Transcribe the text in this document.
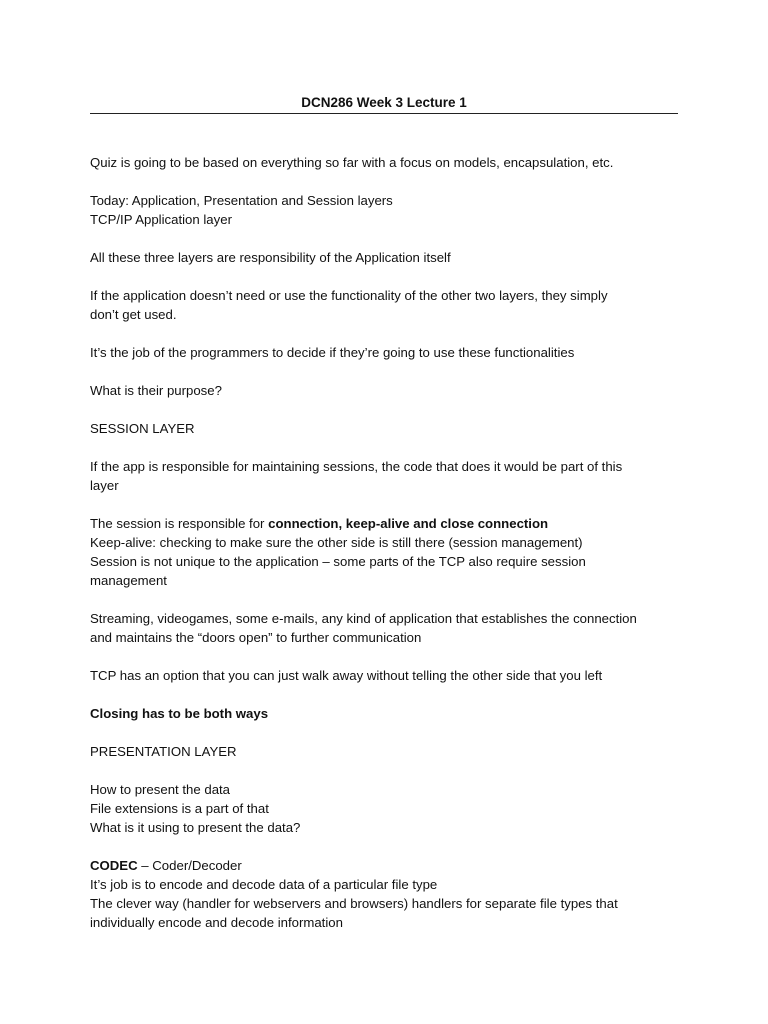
DCN286 Week 3 Lecture 1

Quiz is going to be based on everything so far with a focus on models, encapsulation, etc.

Today: Application, Presentation and Session layers
TCP/IP Application layer

All these three layers are responsibility of the Application itself

If the application doesn’t need or use the functionality of the other two layers, they simply
don’t get used.

It’s the job of the programmers to decide if they’re going to use these functionalities

What is their purpose?

SESSION LAYER

If the app is responsible for maintaining sessions, the code that does it would be part of this
layer

The session is responsible for connection, keep-alive and close connection
Keep-alive: checking to make sure the other side is still there (session management)
Session is not unique to the application – some parts of the TCP also require session
management

Streaming, videogames, some e-mails, any kind of application that establishes the connection
and maintains the “doors open” to further communication

TCP has an option that you can just walk away without telling the other side that you left

Closing has to be both ways

PRESENTATION LAYER

How to present the data
File extensions is a part of that
What is it using to present the data?

CODEC – Coder/Decoder
It’s job is to encode and decode data of a particular file type
The clever way (handler for webservers and browsers) handlers for separate file types that
individually encode and decode information
